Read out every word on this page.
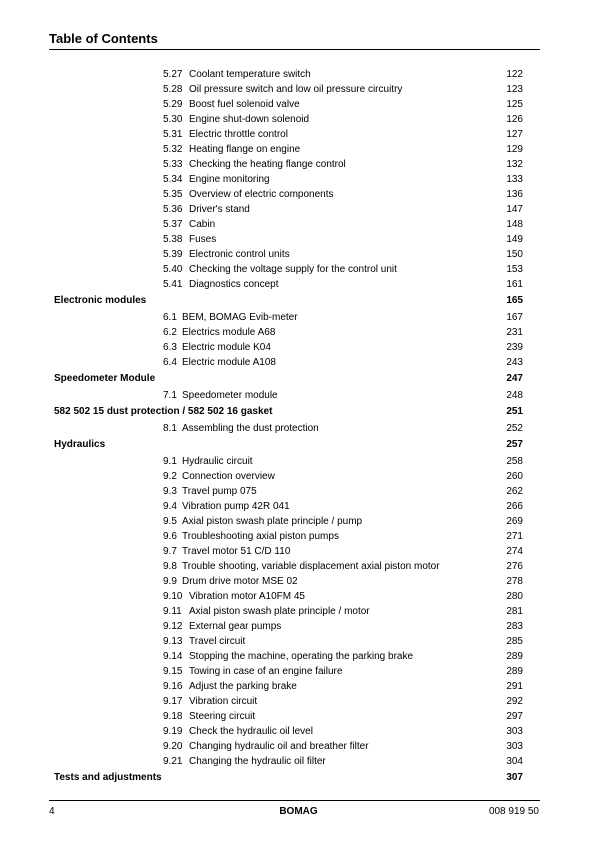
Table of Contents
5.27 Coolant temperature switch	122
5.28 Oil pressure switch and low oil pressure circuitry	123
5.29 Boost fuel solenoid valve	125
5.30 Engine shut-down solenoid	126
5.31 Electric throttle control	127
5.32 Heating flange on engine	129
5.33 Checking the heating flange control	132
5.34 Engine monitoring	133
5.35 Overview of electric components	136
5.36 Driver's stand	147
5.37 Cabin	148
5.38 Fuses	149
5.39 Electronic control units	150
5.40 Checking the voltage supply for the control unit	153
5.41 Diagnostics concept	161
Electronic modules	165
6.1 BEM, BOMAG Evib-meter	167
6.2 Electrics module A68	231
6.3 Electric module K04	239
6.4 Electric module A108	243
Speedometer Module	247
7.1 Speedometer module	248
582 502 15 dust protection / 582 502 16 gasket	251
8.1 Assembling the dust protection	252
Hydraulics	257
9.1 Hydraulic circuit	258
9.2 Connection overview	260
9.3 Travel pump 075	262
9.4 Vibration pump 42R 041	266
9.5 Axial piston swash plate principle / pump	269
9.6 Troubleshooting axial piston pumps	271
9.7 Travel motor 51 C/D 110	274
9.8 Trouble shooting, variable displacement axial piston motor	276
9.9 Drum drive motor MSE 02	278
9.10 Vibration motor A10FM 45	280
9.11 Axial piston swash plate principle / motor	281
9.12 External gear pumps	283
9.13 Travel circuit	285
9.14 Stopping the machine, operating the parking brake	289
9.15 Towing in case of an engine failure	289
9.16 Adjust the parking brake	291
9.17 Vibration circuit	292
9.18 Steering circuit	297
9.19 Check the hydraulic oil level	303
9.20 Changing hydraulic oil and breather filter	303
9.21 Changing the hydraulic oil filter	304
Tests and adjustments	307
4	BOMAG	008 919 50
